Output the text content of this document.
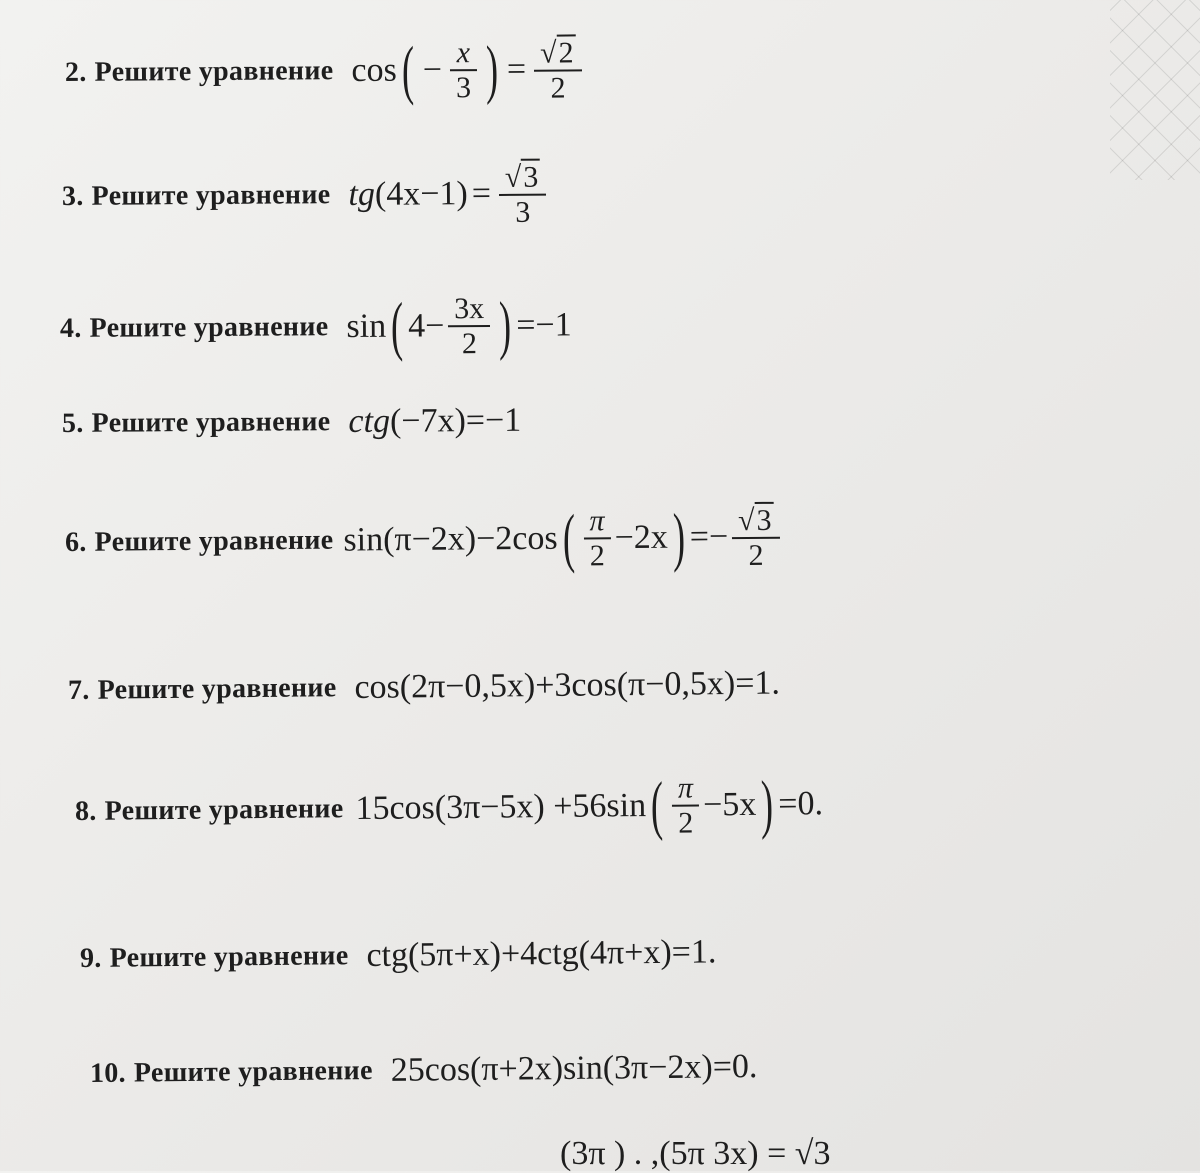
2. Решите уравнение cos ( − $\frac{x}{3}$ ) = $\frac{√ 2}{2}$
3. Решите уравнение tg $(4x-1) = \frac{√ 3}{3}$
4. Решите уравнение sin ( $4- \frac{3x}{2}$ ) =−1
5. Решите уравнение ctg (−7x) =−1
6. Решите уравнение sin(π−2x)−2cos ( $\frac{\pi}{2} -2x$ ) =− $\frac{√ 3}{2}$
7. Решите уравнение cos(2π−0,5x)+3cos(π−0,5x)=1.
8. Решите уравнение 15cos(3π−5x) +56sin ( $\frac{\pi}{2} -5x$ ) =0.
9. Решите уравнение ctg(5π+x)+4ctg(4π+x)=1.
10. Решите уравнение 25cos(π+2x)sin(3π−2x)=0.
(3π ) . ,(5π 3x) = √3
